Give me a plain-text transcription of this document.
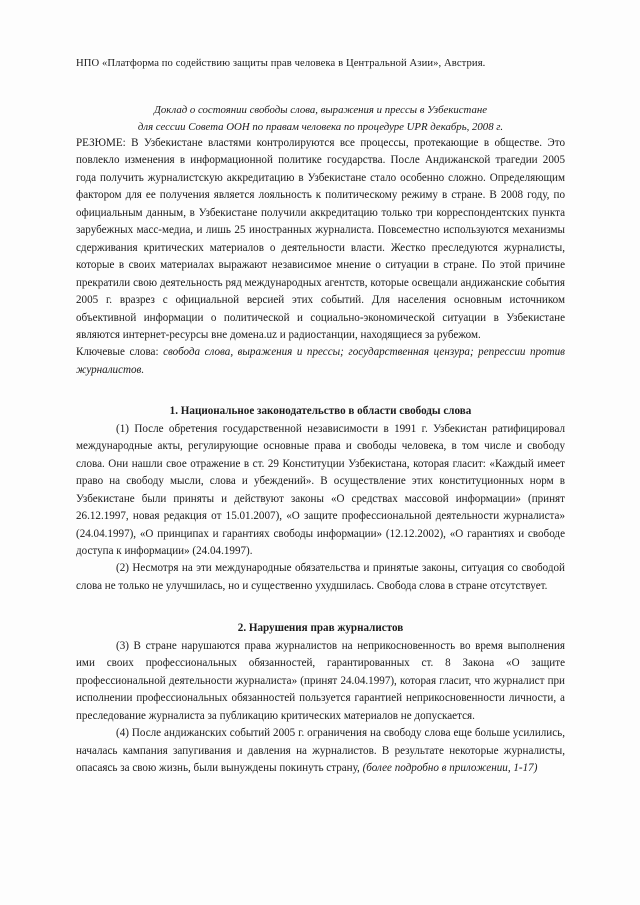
НПО «Платформа по содействию защиты прав человека в Центральной Азии», Австрия.
Доклад о состоянии свободы слова, выражения и прессы в Узбекистане
для сессии Совета ООН по правам человека по процедуре UPR декабрь, 2008 г.

РЕЗЮМЕ: В Узбекистане властями контролируются все процессы, протекающие в обществе. Это повлекло изменения в информационной политике государства. После Андижанской трагедии 2005 года получить журналистскую аккредитацию в Узбекистане стало особенно сложно. Определяющим фактором для ее получения является лояльность к политическому режиму в стране. В 2008 году, по официальным данным, в Узбекистане получили аккредитацию только три корреспондентских пункта зарубежных масс-медиа, и лишь 25 иностранных журналиста. Повсеместно используются механизмы сдерживания критических материалов о деятельности власти. Жестко преследуются журналисты, которые в своих материалах выражают независимое мнение о ситуации в стране. По этой причине прекратили свою деятельность ряд международных агентств, которые освещали андижанские события 2005 г. вразрез с официальной версией этих событий. Для населения основным источником объективной информации о политической и социально-экономической ситуации в Узбекистане являются интернет-ресурсы вне домена.uz и радиостанции, находящиеся за рубежом.

Ключевые слова: свобода слова, выражения и прессы; государственная цензура; репрессии против журналистов.

1. Национальное законодательство в области свободы слова

(1) После обретения государственной независимости в 1991 г. Узбекистан ратифицировал международные акты, регулирующие основные права и свободы человека, в том числе и свободу слова. Они нашли свое отражение в ст. 29 Конституции Узбекистана, которая гласит: «Каждый имеет право на свободу мысли, слова и убеждений». В осуществление этих конституционных норм в Узбекистане были приняты и действуют законы «О средствах массовой информации» (принят 26.12.1997, новая редакция от 15.01.2007), «О защите профессиональной деятельности журналиста» (24.04.1997), «О принципах и гарантиях свободы информации» (12.12.2002), «О гарантиях и свободе доступа к информации» (24.04.1997).

(2) Несмотря на эти международные обязательства и принятые законы, ситуация со свободой слова не только не улучшилась, но и существенно ухудшилась. Свобода слова в стране отсутствует.

2. Нарушения прав журналистов

(3) В стране нарушаются права журналистов на неприкосновенность во время выполнения ими своих профессиональных обязанностей, гарантированных ст. 8 Закона «О защите профессиональной деятельности журналиста» (принят 24.04.1997), которая гласит, что журналист при исполнении профессиональных обязанностей пользуется гарантией неприкосновенности личности, а преследование журналиста за публикацию критических материалов не допускается.

(4) После андижанских событий 2005 г. ограничения на свободу слова еще больше усилились, началась кампания запугивания и давления на журналистов. В результате некоторые журналисты, опасаясь за свою жизнь, были вынуждены покинуть страну, (более подробно в приложении, 1-17)
